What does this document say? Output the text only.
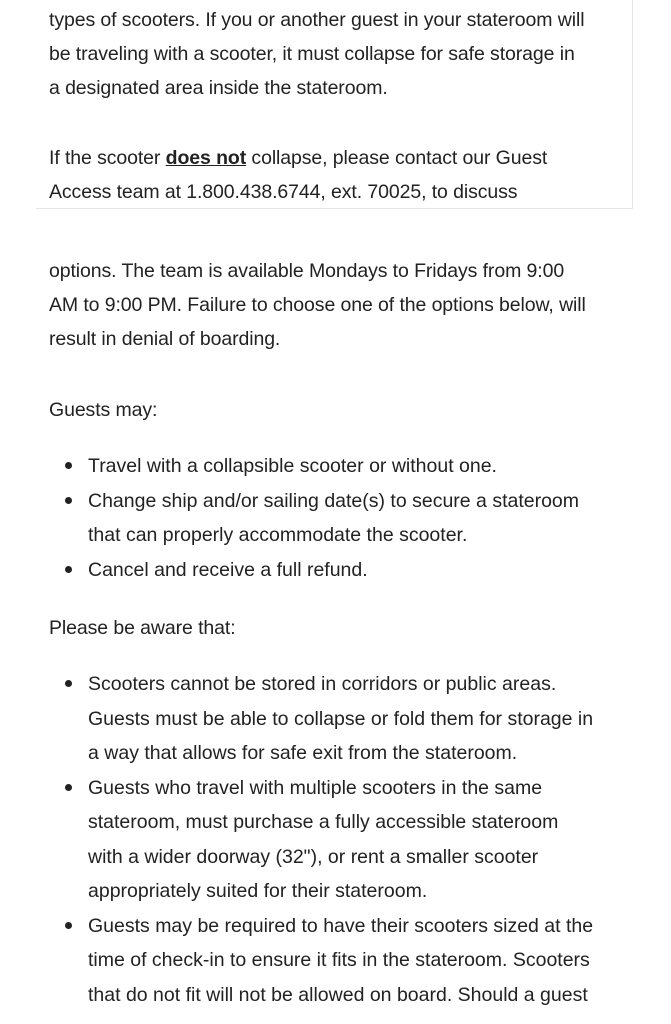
types of scooters. If you or another guest in your stateroom will
be traveling with a scooter, it must collapse for safe storage in
a designated area inside the stateroom.

If the scooter does not collapse, please contact our Guest
Access team at 1.800.438.6744, ext. 70025, to discuss

options. The team is available Mondays to Fridays from 9:00
AM to 9:00 PM. Failure to choose one of the options below, will
result in denial of boarding.

Guests may:

Travel with a collapsible scooter or without one.
Change ship and/or sailing date(s) to secure a stateroom
that can properly accommodate the scooter.
Cancel and receive a full refund.

Please be aware that:

Scooters cannot be stored in corridors or public areas.
Guests must be able to collapse or fold them for storage in
a way that allows for safe exit from the stateroom.
Guests who travel with multiple scooters in the same
stateroom, must purchase a fully accessible stateroom
with a wider doorway (32"), or rent a smaller scooter
appropriately suited for their stateroom.
Guests may be required to have their scooters sized at the
time of check-in to ensure it fits in the stateroom. Scooters
that do not fit will not be allowed on board. Should a guest
